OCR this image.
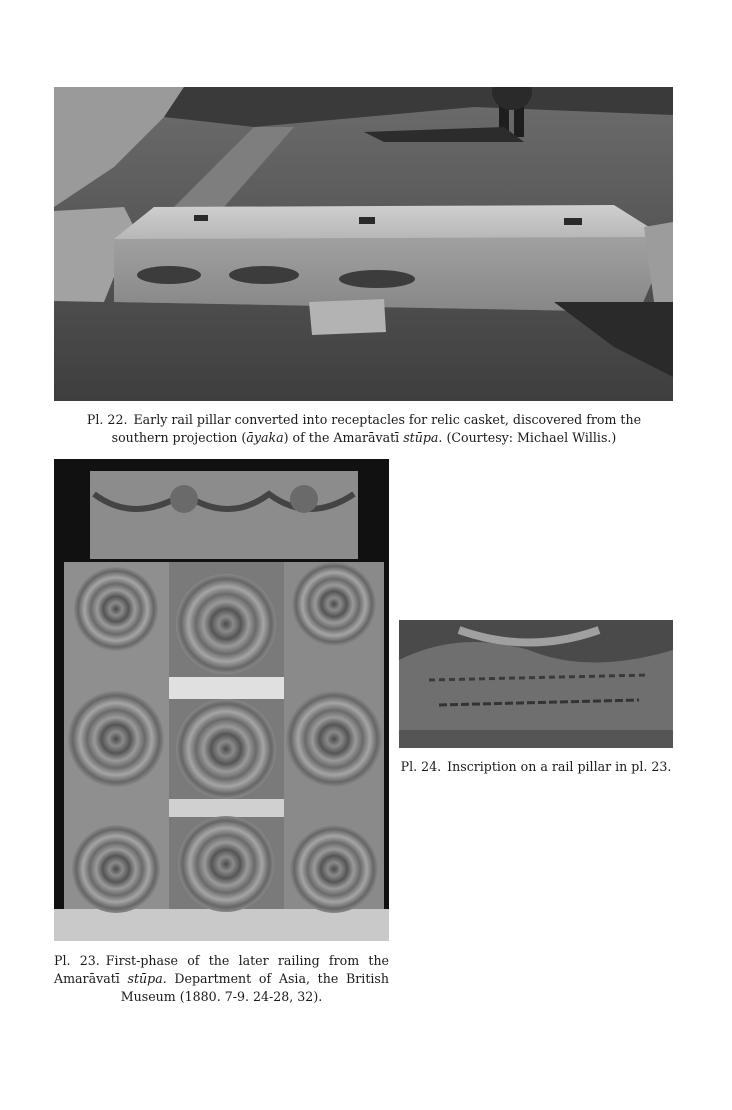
Pl. 22. Early rail pillar converted into receptacles for relic casket, discovered from the southern projection (āyaka) of the Amarāvatī stūpa. (Courtesy: Michael Willis.)
Pl. 23. First-phase of the later railing from the Amarāvatī stūpa. Department of Asia, the British Museum (1880. 7-9. 24-28, 32).
Pl. 24. Inscription on a rail pillar in pl. 23.
